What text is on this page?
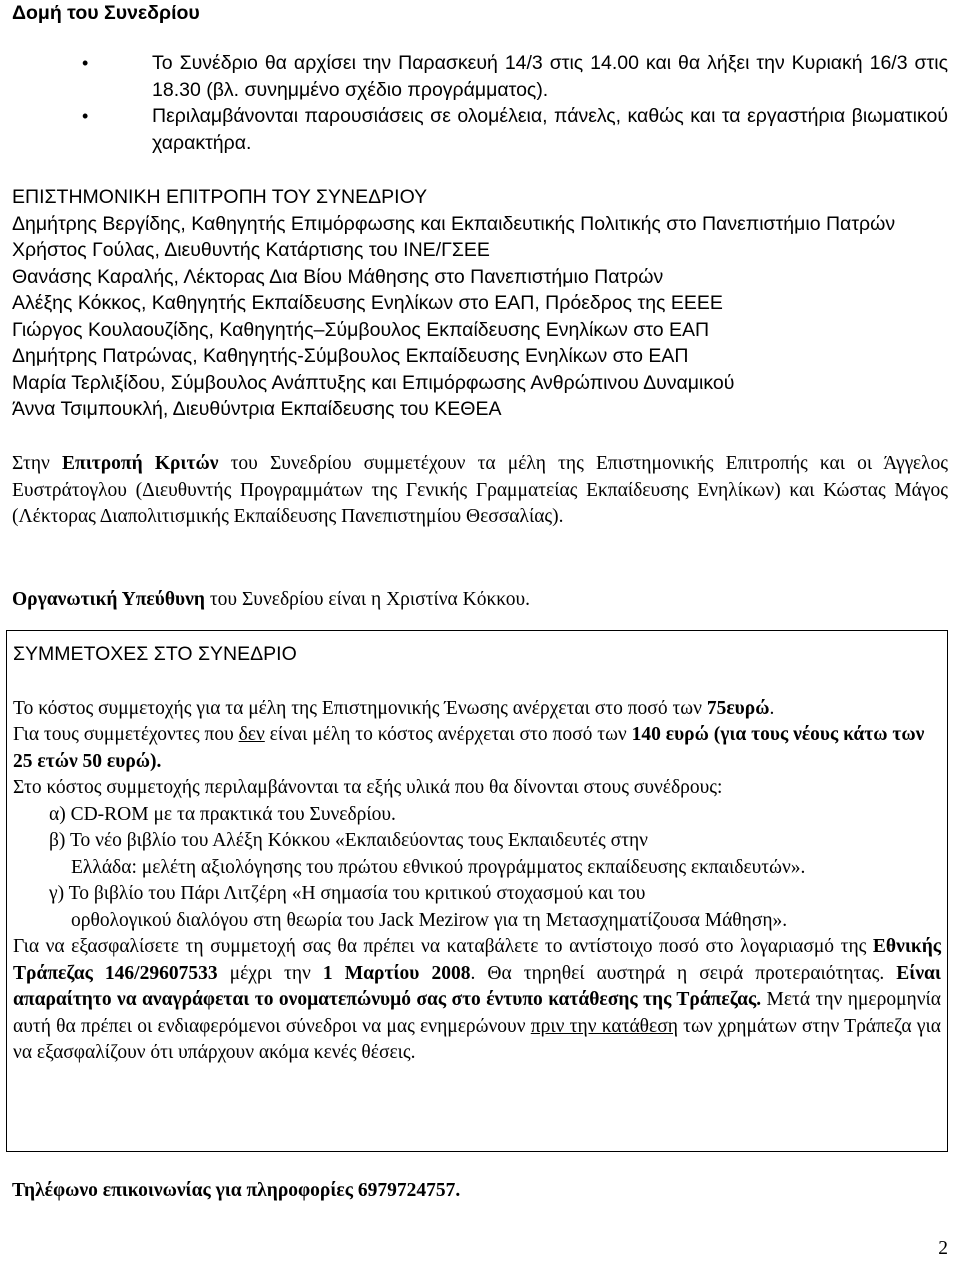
Δομή του Συνεδρίου

•Το Συνέδριο θα αρχίσει την Παρασκευή 14/3 στις 14.00 και θα λήξει την Κυριακή 16/3 στις 18.30 (βλ. συνημμένο σχέδιο προγράμματος).
•Περιλαμβάνονται παρουσιάσεις σε ολομέλεια, πάνελς, καθώς και τα εργαστήρια βιωματικού χαρακτήρα.

ΕΠΙΣΤΗΜΟΝΙΚΗ ΕΠΙΤΡΟΠΗ ΤΟΥ ΣΥΝΕΔΡΙΟΥ

Δημήτρης Βεργίδης, Καθηγητής Επιμόρφωσης και Εκπαιδευτικής Πολιτικής στο Πανεπιστήμιο Πατρών

Χρήστος Γούλας, Διευθυντής Κατάρτισης του ΙΝΕ/ΓΣΕΕ

Θανάσης Καραλής, Λέκτορας Δια Βίου Μάθησης στο Πανεπιστήμιο Πατρών

Αλέξης Κόκκος, Καθηγητής Εκπαίδευσης Ενηλίκων στο ΕΑΠ, Πρόεδρος της ΕΕΕΕ

Γιώργος Κουλαουζίδης, Καθηγητής–Σύμβουλος Εκπαίδευσης Ενηλίκων στο ΕΑΠ

Δημήτρης Πατρώνας, Καθηγητής-Σύμβουλος Εκπαίδευσης Ενηλίκων στο ΕΑΠ

Μαρία Τερλιξίδου, Σύμβουλος Ανάπτυξης και Επιμόρφωσης Ανθρώπινου Δυναμικού

Άννα Τσιμπουκλή, Διευθύντρια Εκπαίδευσης του ΚΕΘΕΑ

Στην Επιτροπή Κριτών του Συνεδρίου συμμετέχουν τα μέλη της Επιστημονικής Επιτροπής και οι Άγγελος Ευστράτογλου (Διευθυντής Προγραμμάτων της Γενικής Γραμματείας Εκπαίδευσης Ενηλίκων) και Κώστας Μάγος (Λέκτορας Διαπολιτισμικής Εκπαίδευσης Πανεπιστημίου Θεσσαλίας).

Οργανωτική Υπεύθυνη του Συνεδρίου είναι η Χριστίνα Κόκκου.

ΣΥΜΜΕΤΟΧΕΣ ΣΤΟ ΣΥΝΕΔΡΙΟ

Το κόστος συμμετοχής για τα μέλη της Επιστημονικής Ένωσης ανέρχεται στο ποσό των 75ευρώ.

Για τους συμμετέχοντες που δεν είναι μέλη το κόστος ανέρχεται στο ποσό των 140 ευρώ (για τους νέους κάτω των 25 ετών 50 ευρώ).

Στο κόστος συμμετοχής περιλαμβάνονται τα εξής υλικά που θα δίνονται στους συνέδρους:

α) CD-ROM με τα πρακτικά του Συνεδρίου.

β) Το νέο βιβλίο του Αλέξη Κόκκου «Εκπαιδεύοντας τους Εκπαιδευτές στην

Ελλάδα: μελέτη αξιολόγησης του πρώτου εθνικού προγράμματος εκπαίδευσης εκπαιδευτών».

γ) Το βιβλίο του Πάρι Λιτζέρη «Η σημασία του κριτικού στοχασμού και του

ορθολογικού διαλόγου στη θεωρία του Jack Mezirow για τη Μετασχηματίζουσα Μάθηση».

Για να εξασφαλίσετε τη συμμετοχή σας θα πρέπει να καταβάλετε το αντίστοιχο ποσό στο λογαριασμό της Εθνικής Τράπεζας 146/29607533 μέχρι την 1 Μαρτίου 2008. Θα τηρηθεί αυστηρά η σειρά προτεραιότητας. Είναι απαραίτητο να αναγράφεται το ονοματεπώνυμό σας στο έντυπο κατάθεσης της Τράπεζας. Μετά την ημερομηνία αυτή θα πρέπει οι ενδιαφερόμενοι σύνεδροι να μας ενημερώνουν πριν την κατάθεση των χρημάτων στην Τράπεζα για να εξασφαλίζουν ότι υπάρχουν ακόμα κενές θέσεις.

Τηλέφωνο επικοινωνίας για πληροφορίες 6979724757.

2
